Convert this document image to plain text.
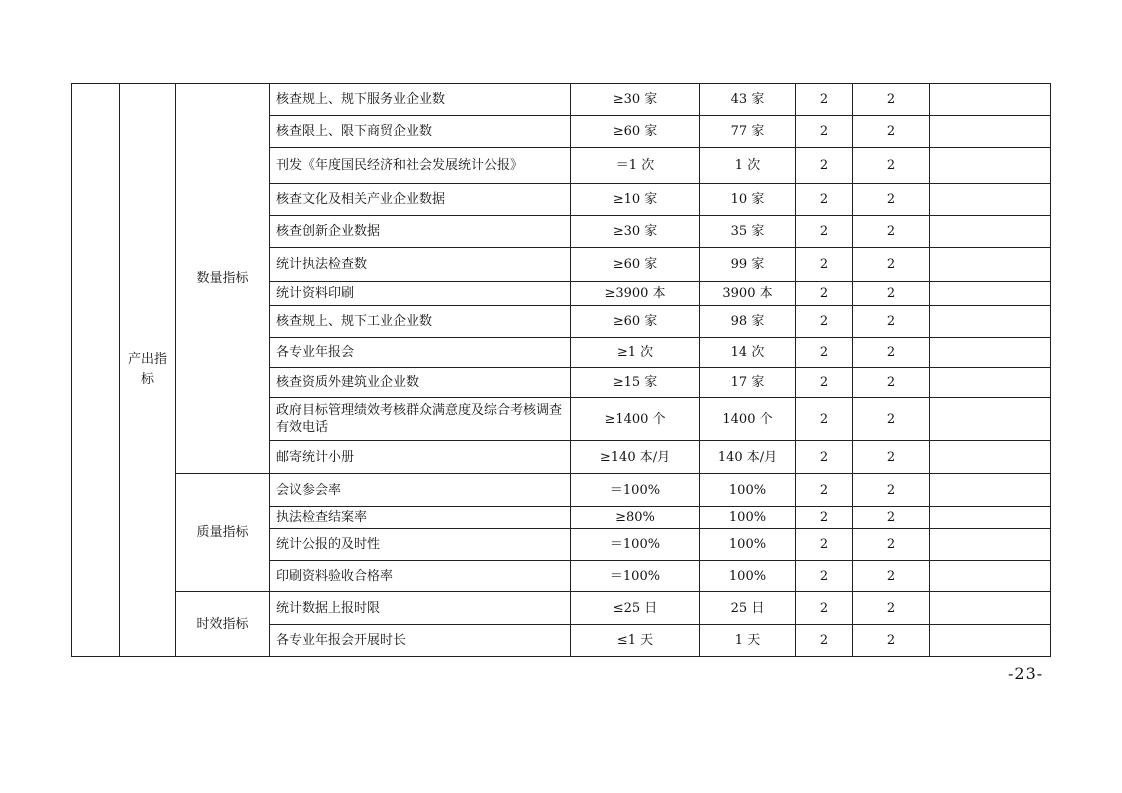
	产出指标	数量指标	核查规上、规下服务业企业数	≥30 家	43 家	2	2	
			核查限上、限下商贸企业数	≥60 家	77 家	2	2	
			刊发《年度国民经济和社会发展统计公报》	＝1 次	1 次	2	2	
			核查文化及相关产业企业数据	≥10 家	10 家	2	2	
			核查创新企业数据	≥30 家	35 家	2	2	
			统计执法检查数	≥60 家	99 家	2	2	
			统计资料印刷	≥3900 本	3900 本	2	2	
			核查规上、规下工业企业数	≥60 家	98 家	2	2	
			各专业年报会	≥1 次	14 次	2	2	
			核查资质外建筑业企业数	≥15 家	17 家	2	2	
			政府目标管理绩效考核群众满意度及综合考核调查有效电话	≥1400 个	1400 个	2	2	
			邮寄统计小册	≥140 本/月	140 本/月	2	2	
		质量指标	会议参会率	＝100%	100%	2	2	
			执法检查结案率	≥80%	100%	2	2	
			统计公报的及时性	＝100%	100%	2	2	
			印刷资料验收合格率	＝100%	100%	2	2	
		时效指标	统计数据上报时限	≤25 日	25 日	2	2	
			各专业年报会开展时长	≤1 天	1 天	2	2	
-23-
